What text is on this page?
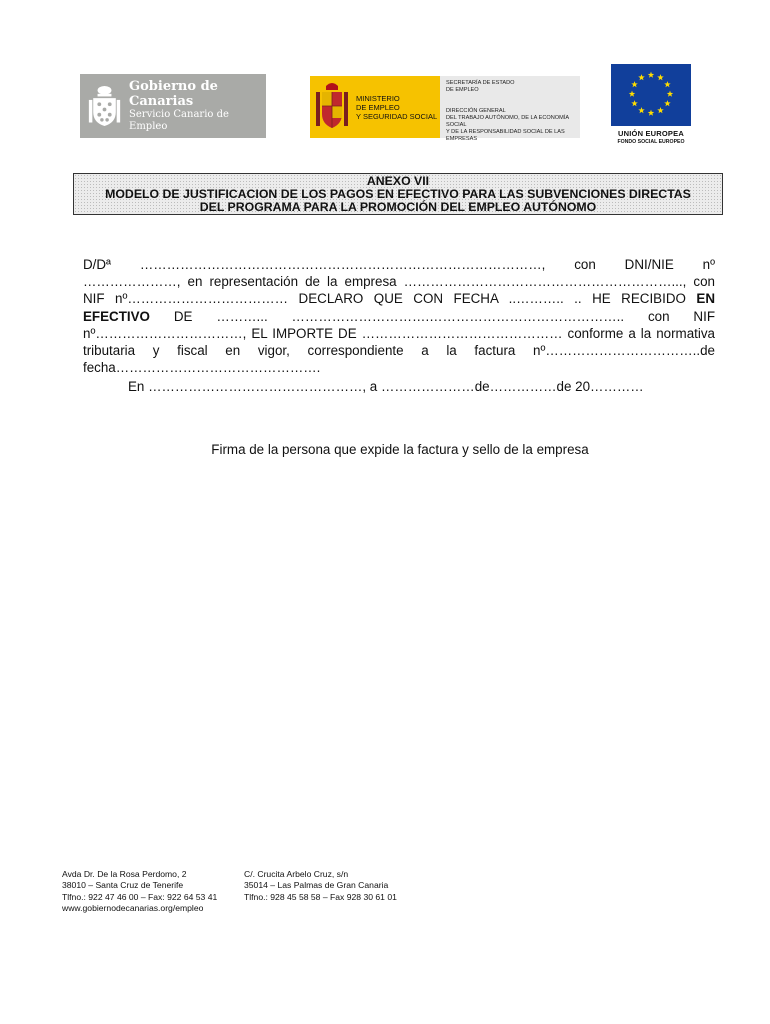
Gobierno de Canarias
Servicio Canario de Empleo
MINISTERIO
DE EMPLEO
Y SEGURIDAD SOCIAL
SECRETARÍA DE ESTADO
DE EMPLEO
DIRECCIÓN GENERAL
DEL TRABAJO AUTÓNOMO, DE LA ECONOMÍA SOCIAL
Y DE LA RESPONSABILIDAD SOCIAL DE LAS EMPRESAS
UNIÓN EUROPEA
FONDO SOCIAL EUROPEO
ANEXO VII
MODELO DE JUSTIFICACION DE LOS PAGOS EN EFECTIVO PARA LAS SUBVENCIONES DIRECTAS
DEL PROGRAMA PARA LA PROMOCIÓN DEL EMPLEO AUTÓNOMO
D/Dª ………………………………………………………………………………, con DNI/NIE nº …………………, en representación de la empresa ……………………………………………………..., con NIF nº……………………………… DECLARO QUE CON FECHA ..……….. .. HE RECIBIDO EN EFECTIVO DE ………... ………………………….…………………………………….. con NIF nº……………………………, EL IMPORTE DE ……………………………………… conforme a la normativa tributaria y fiscal en vigor, correspondiente a la factura nº……………………………..de fecha……………………………………….
En …………………………………………, a …………………de……………de 20…………
Firma de la persona que expide la factura y sello de la empresa
Avda Dr. De la Rosa Perdomo, 2
38010 – Santa Cruz de Tenerife
Tlfno.: 922 47 46 00 – Fax: 922 64 53 41
www.gobiernodecanarias.org/empleo
C/. Crucita Arbelo Cruz, s/n
35014 – Las Palmas de Gran Canaria
Tlfno.: 928 45 58 58 – Fax 928 30 61 01
